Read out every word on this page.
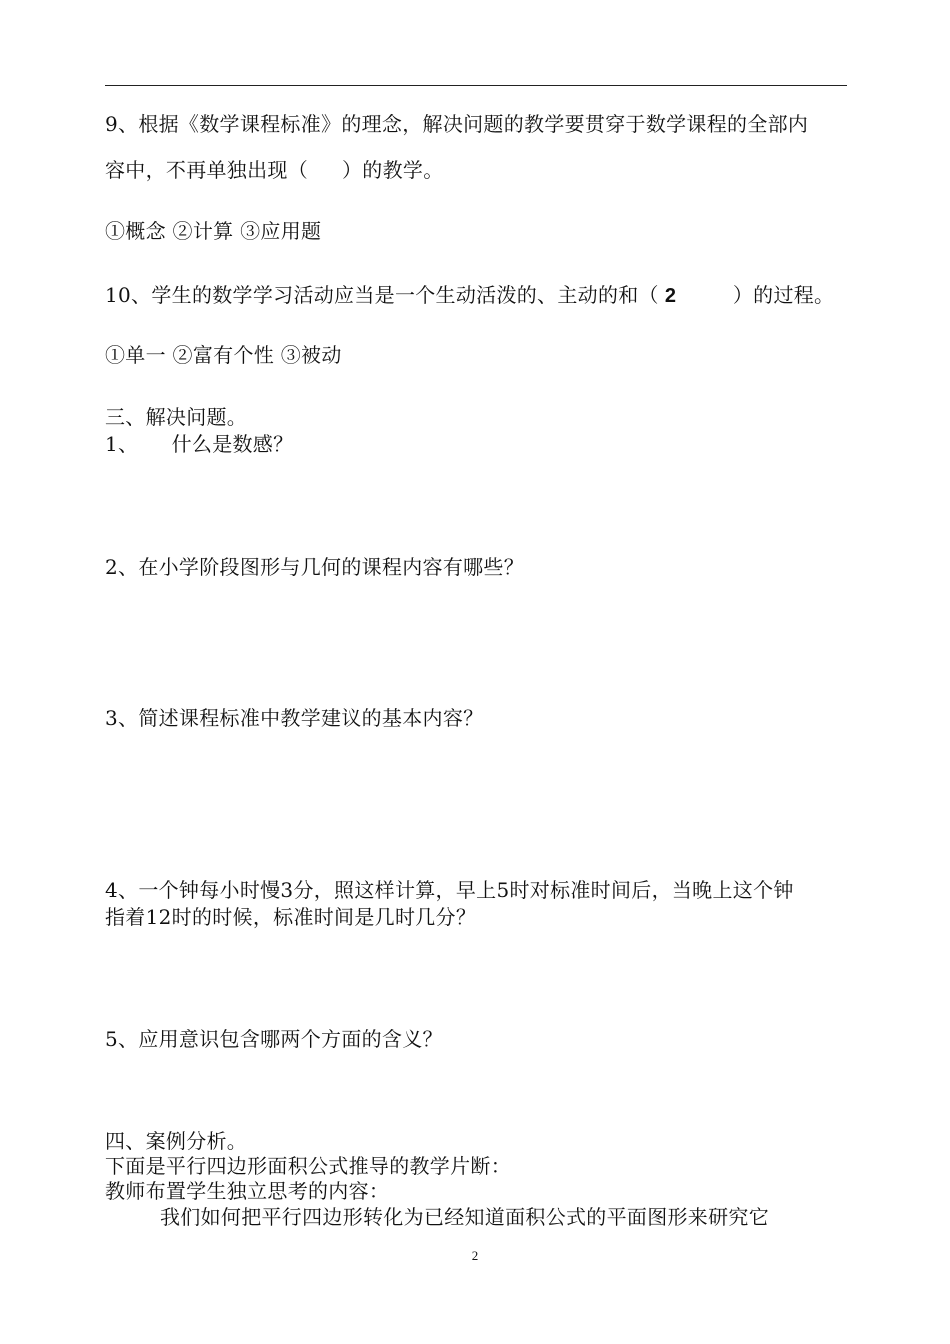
9、根据《数学课程标准》的理念，解决问题的教学要贯穿于数学课程的全部内
容中，不再单独出现（ ）的教学。
①概念 ②计算 ③应用题
10、学生的数学学习活动应当是一个生动活泼的、主动的和（ 2	）的过程。
①单一 ②富有个性 ③被动
三、解决问题。
1、     什么是数感？
2、在小学阶段图形与几何的课程内容有哪些？
3、简述课程标准中教学建议的基本内容？
4、一个钟每小时慢3分，照这样计算，早上5时对标准时间后，当晚上这个钟
指着12时的时候，标准时间是几时几分？
5、应用意识包含哪两个方面的含义？
四、案例分析。
下面是平行四边形面积公式推导的教学片断：
教师布置学生独立思考的内容：
我们如何把平行四边形转化为已经知道面积公式的平面图形来研究它
2
